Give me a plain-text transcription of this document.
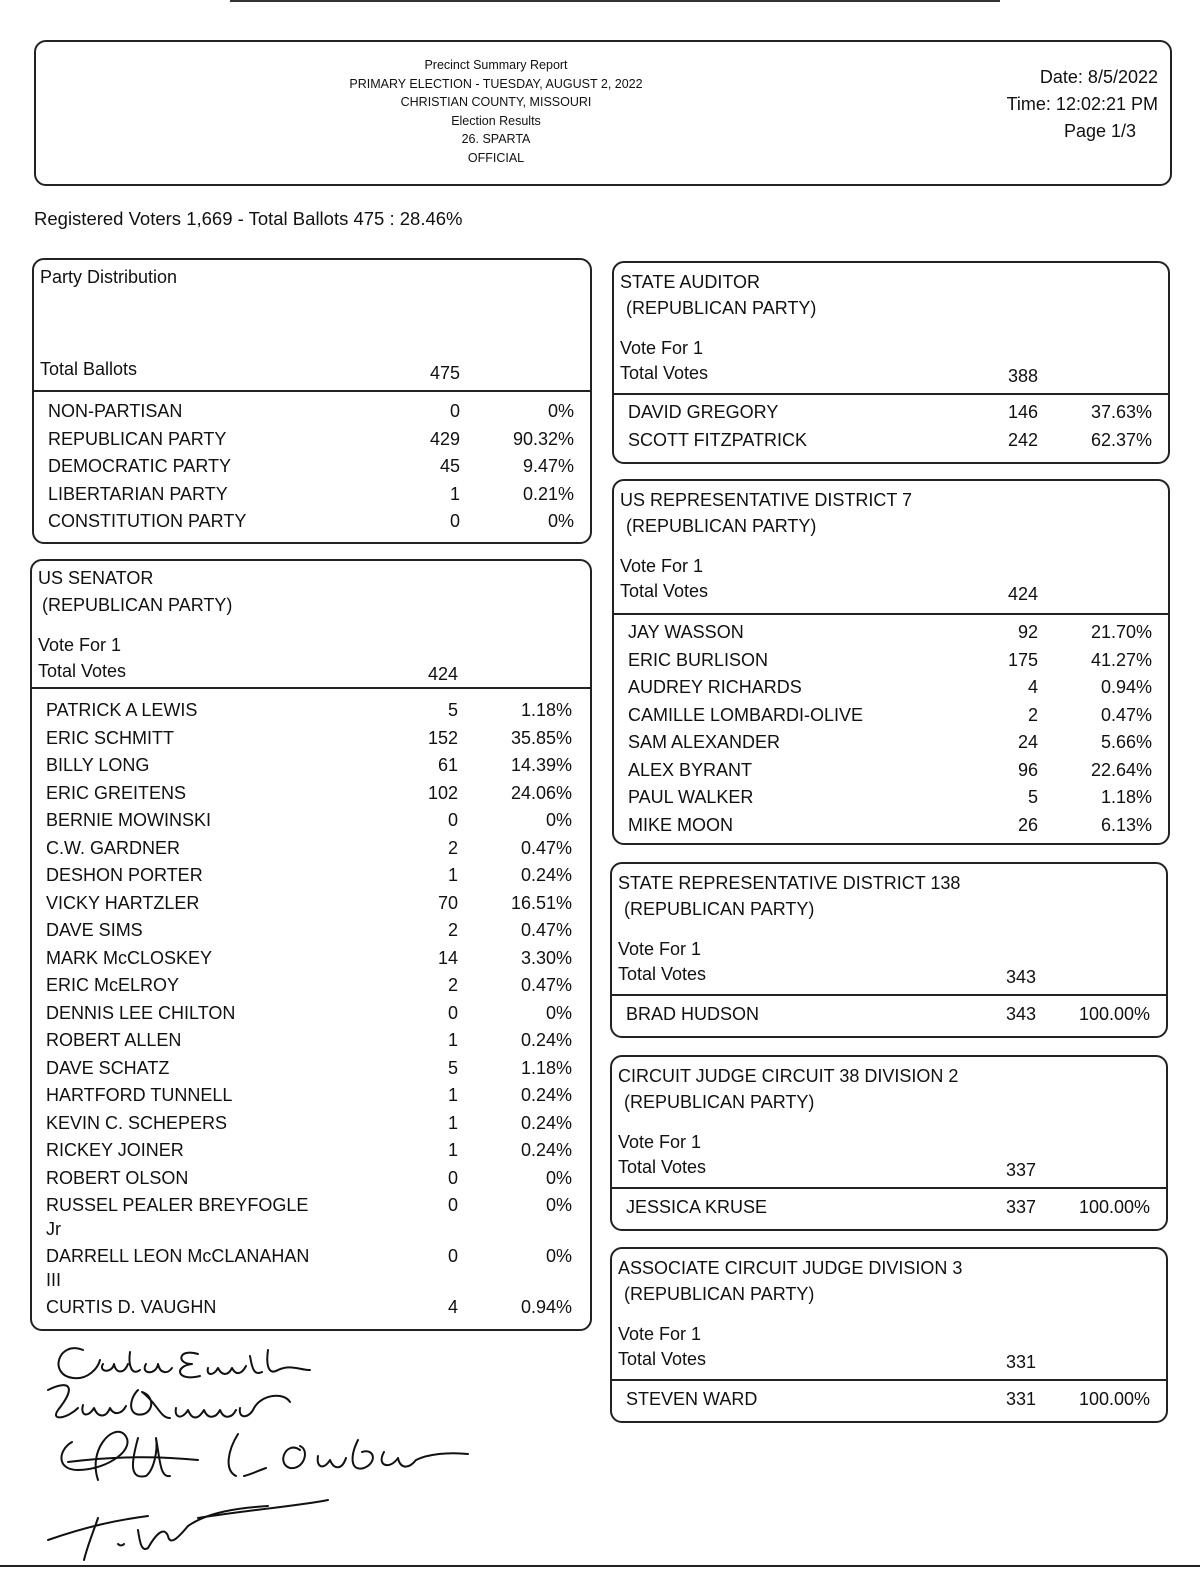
Precinct Summary Report
PRIMARY ELECTION - TUESDAY, AUGUST 2, 2022
CHRISTIAN COUNTY, MISSOURI
Election Results
26. SPARTA
OFFICIAL
Date: 8/5/2022
Time: 12:02:21 PM
Page 1/3
Registered Voters 1,669 - Total Ballots 475 : 28.46%
Party Distribution
Total Ballots	475
NON-PARTISAN	0	0%
REPUBLICAN PARTY	429	90.32%
DEMOCRATIC PARTY	45	9.47%
LIBERTARIAN PARTY	1	0.21%
CONSTITUTION PARTY	0	0%
US SENATOR
(REPUBLICAN PARTY)
Vote For 1
Total Votes	424
PATRICK A LEWIS	5	1.18%
ERIC SCHMITT	152	35.85%
BILLY LONG	61	14.39%
ERIC GREITENS	102	24.06%
BERNIE MOWINSKI	0	0%
C.W. GARDNER	2	0.47%
DESHON PORTER	1	0.24%
VICKY HARTZLER	70	16.51%
DAVE SIMS	2	0.47%
MARK McCLOSKEY	14	3.30%
ERIC McELROY	2	0.47%
DENNIS LEE CHILTON	0	0%
ROBERT ALLEN	1	0.24%
DAVE SCHATZ	5	1.18%
HARTFORD TUNNELL	1	0.24%
KEVIN C. SCHEPERS	1	0.24%
RICKEY JOINER	1	0.24%
ROBERT OLSON	0	0%
RUSSEL PEALER BREYFOGLE	0	0%
Jr
DARRELL LEON McCLANAHAN	0	0%
III
CURTIS D. VAUGHN	4	0.94%
STATE AUDITOR
(REPUBLICAN PARTY)
Vote For 1
Total Votes	388
DAVID GREGORY	146	37.63%
SCOTT FITZPATRICK	242	62.37%
US REPRESENTATIVE DISTRICT 7
(REPUBLICAN PARTY)
Vote For 1
Total Votes	424
JAY WASSON	92	21.70%
ERIC BURLISON	175	41.27%
AUDREY RICHARDS	4	0.94%
CAMILLE LOMBARDI-OLIVE	2	0.47%
SAM ALEXANDER	24	5.66%
ALEX BYRANT	96	22.64%
PAUL WALKER	5	1.18%
MIKE MOON	26	6.13%
STATE REPRESENTATIVE DISTRICT 138
(REPUBLICAN PARTY)
Vote For 1
Total Votes	343
BRAD HUDSON	343	100.00%
CIRCUIT JUDGE CIRCUIT 38 DIVISION 2
(REPUBLICAN PARTY)
Vote For 1
Total Votes	337
JESSICA KRUSE	337	100.00%
ASSOCIATE CIRCUIT JUDGE DIVISION 3
(REPUBLICAN PARTY)
Vote For 1
Total Votes	331
STEVEN WARD	331	100.00%
